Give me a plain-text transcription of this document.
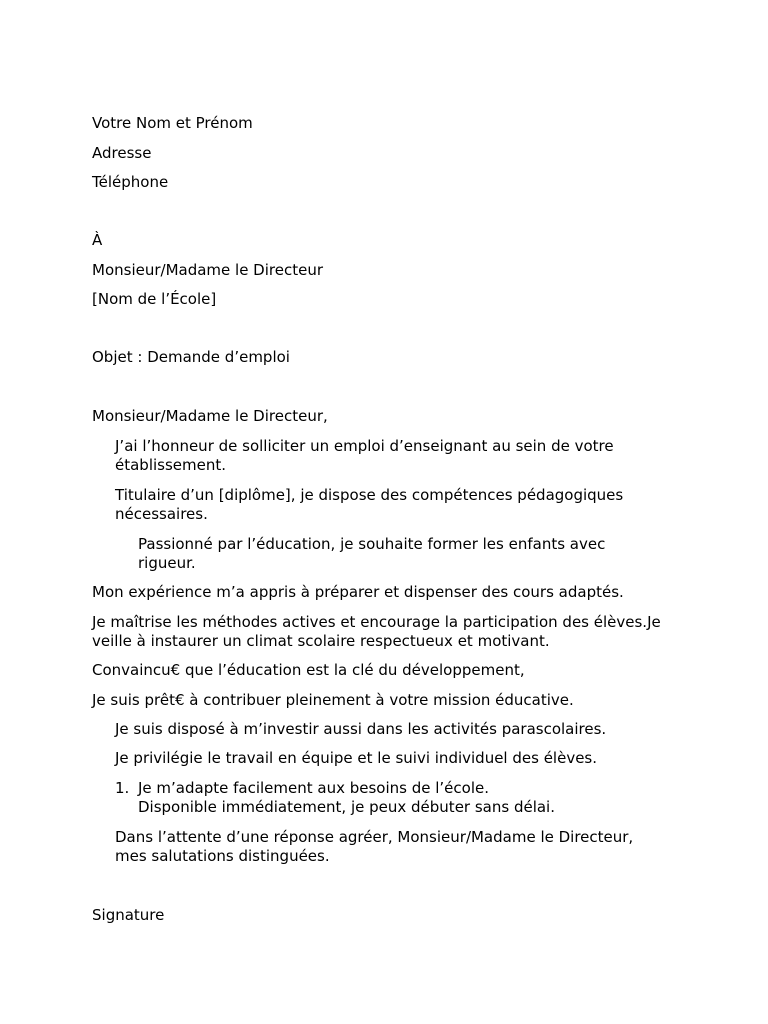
Votre Nom et Prénom
Adresse
Téléphone
À
Monsieur/Madame le Directeur
[Nom de l’École]
Objet : Demande d’emploi
Monsieur/Madame le Directeur,
J’ai l’honneur de solliciter un emploi d’enseignant au sein de votre établissement.
Titulaire d’un [diplôme], je dispose des compétences pédagogiques nécessaires.
Passionné par l’éducation, je souhaite former les enfants avec rigueur.
Mon expérience m’a appris à préparer et dispenser des cours adaptés.
Je maîtrise les méthodes actives et encourage la participation des élèves.Je veille à instaurer un climat scolaire respectueux et motivant.
Convaincu€ que l’éducation est la clé du développement,
Je suis prêt€ à contribuer pleinement à votre mission éducative.
Je suis disposé à m’investir aussi dans les activités parascolaires.
Je privilégie le travail en équipe et le suivi individuel des élèves.
1. Je m’adapte facilement aux besoins de l’école.
Disponible immédiatement, je peux débuter sans délai.
Dans l’attente d’une réponse agréer, Monsieur/Madame le Directeur, mes salutations distinguées.
Signature
